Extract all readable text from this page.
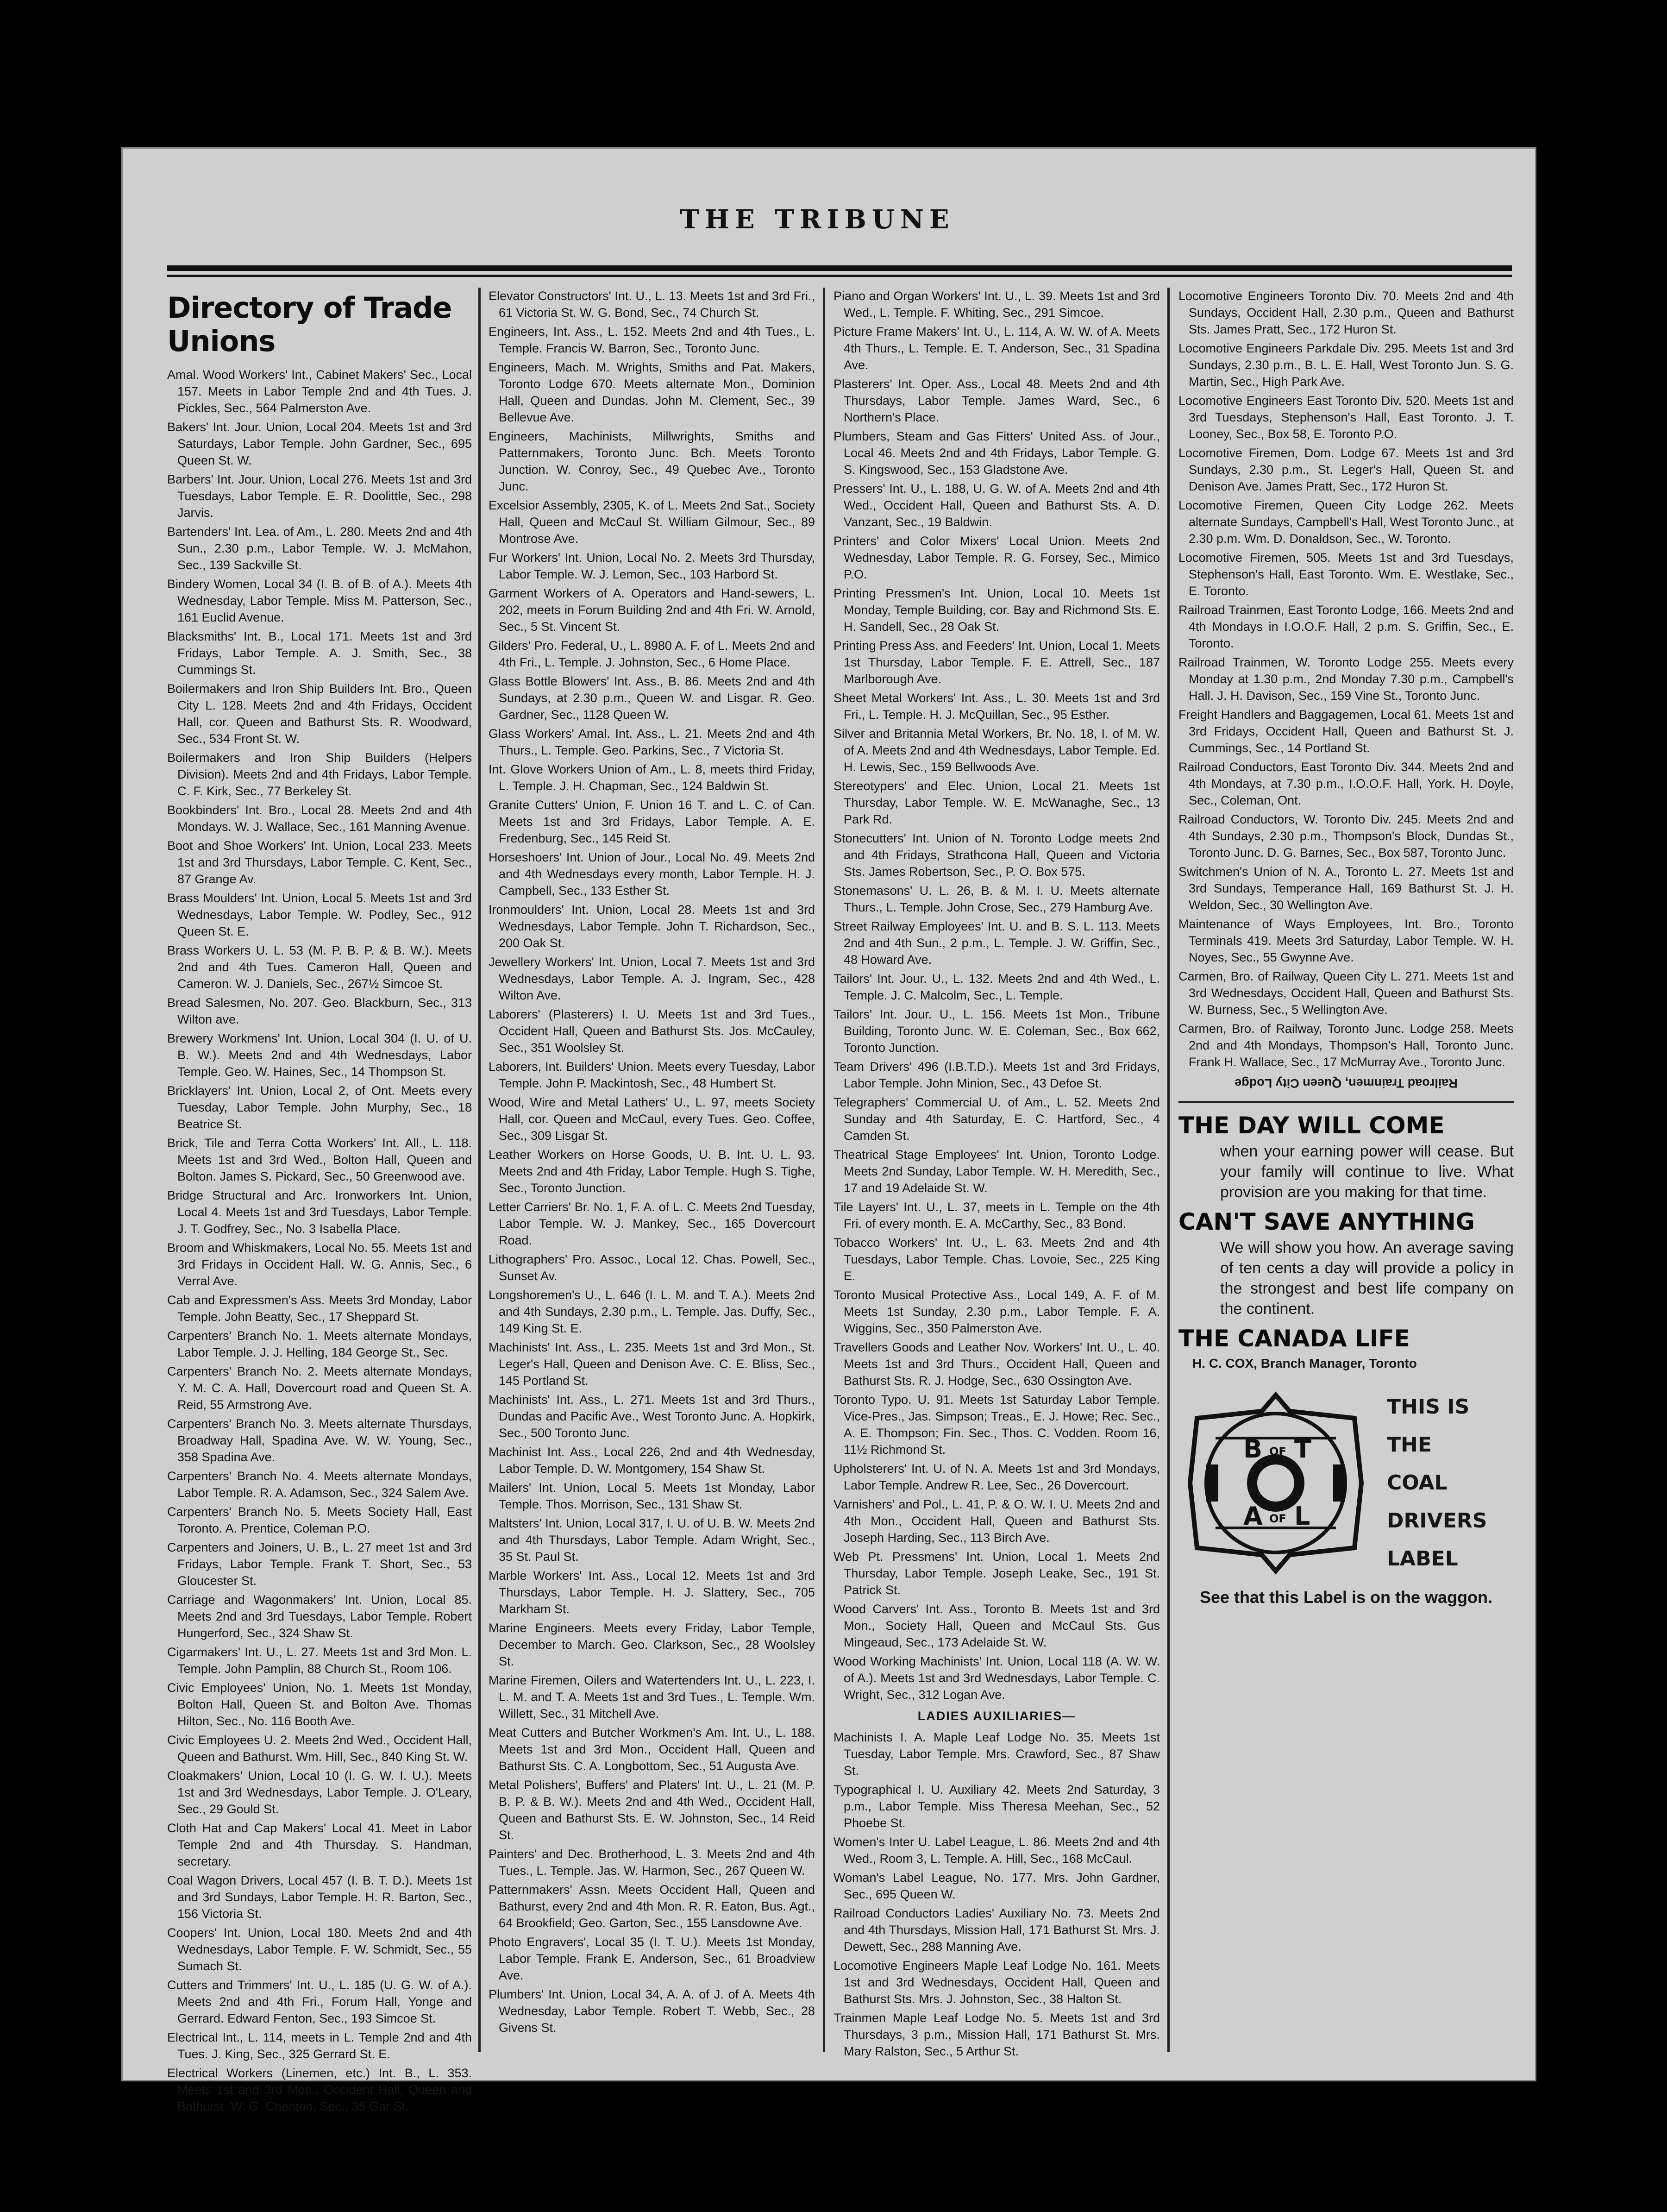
THE TRIBUNE
Directory of Trade Unions

Amal. Wood Workers' Int., Cabinet Makers' Sec., Local 157. Meets in Labor Temple 2nd and 4th Tues. J. Pickles, Sec., 564 Palmerston Ave.

Bakers' Int. Jour. Union, Local 204. Meets 1st and 3rd Saturdays, Labor Temple. John Gardner, Sec., 695 Queen St. W.

Barbers' Int. Jour. Union, Local 276. Meets 1st and 3rd Tuesdays, Labor Temple. E. R. Doolittle, Sec., 298 Jarvis.

Bartenders' Int. Lea. of Am., L. 280. Meets 2nd and 4th Sun., 2.30 p.m., Labor Temple. W. J. McMahon, Sec., 139 Sackville St.

Bindery Women, Local 34 (I. B. of B. of A.). Meets 4th Wednesday, Labor Temple. Miss M. Patterson, Sec., 161 Euclid Avenue.

Blacksmiths' Int. B., Local 171. Meets 1st and 3rd Fridays, Labor Temple. A. J. Smith, Sec., 38 Cummings St.

Boilermakers and Iron Ship Builders Int. Bro., Queen City L. 128. Meets 2nd and 4th Fridays, Occident Hall, cor. Queen and Bathurst Sts. R. Woodward, Sec., 534 Front St. W.

Boilermakers and Iron Ship Builders (Helpers Division). Meets 2nd and 4th Fridays, Labor Temple. C. F. Kirk, Sec., 77 Berkeley St.

Bookbinders' Int. Bro., Local 28. Meets 2nd and 4th Mondays. W. J. Wallace, Sec., 161 Manning Avenue.

Boot and Shoe Workers' Int. Union, Local 233. Meets 1st and 3rd Thursdays, Labor Temple. C. Kent, Sec., 87 Grange Av.

Brass Moulders' Int. Union, Local 5. Meets 1st and 3rd Wednesdays, Labor Temple. W. Podley, Sec., 912 Queen St. E.

Brass Workers U. L. 53 (M. P. B. P. & B. W.). Meets 2nd and 4th Tues. Cameron Hall, Queen and Cameron. W. J. Daniels, Sec., 267½ Simcoe St.

Bread Salesmen, No. 207. Geo. Blackburn, Sec., 313 Wilton ave.

Brewery Workmens' Int. Union, Local 304 (I. U. of U. B. W.). Meets 2nd and 4th Wednesdays, Labor Temple. Geo. W. Haines, Sec., 14 Thompson St.

Bricklayers' Int. Union, Local 2, of Ont. Meets every Tuesday, Labor Temple. John Murphy, Sec., 18 Beatrice St.

Brick, Tile and Terra Cotta Workers' Int. All., L. 118. Meets 1st and 3rd Wed., Bolton Hall, Queen and Bolton. James S. Pickard, Sec., 50 Greenwood ave.

Bridge Structural and Arc. Ironworkers Int. Union, Local 4. Meets 1st and 3rd Tuesdays, Labor Temple. J. T. Godfrey, Sec., No. 3 Isabella Place.

Broom and Whiskmakers, Local No. 55. Meets 1st and 3rd Fridays in Occident Hall. W. G. Annis, Sec., 6 Verral Ave.

Cab and Expressmen's Ass. Meets 3rd Monday, Labor Temple. John Beatty, Sec., 17 Sheppard St.

Carpenters' Branch No. 1. Meets alternate Mondays, Labor Temple. J. J. Helling, 184 George St., Sec.

Carpenters' Branch No. 2. Meets alternate Mondays, Y. M. C. A. Hall, Dovercourt road and Queen St. A. Reid, 55 Armstrong Ave.

Carpenters' Branch No. 3. Meets alternate Thursdays, Broadway Hall, Spadina Ave. W. W. Young, Sec., 358 Spadina Ave.

Carpenters' Branch No. 4. Meets alternate Mondays, Labor Temple. R. A. Adamson, Sec., 324 Salem Ave.

Carpenters' Branch No. 5. Meets Society Hall, East Toronto. A. Prentice, Coleman P.O.

Carpenters and Joiners, U. B., L. 27 meet 1st and 3rd Fridays, Labor Temple. Frank T. Short, Sec., 53 Gloucester St.

Carriage and Wagonmakers' Int. Union, Local 85. Meets 2nd and 3rd Tuesdays, Labor Temple. Robert Hungerford, Sec., 324 Shaw St.

Cigarmakers' Int. U., L. 27. Meets 1st and 3rd Mon. L. Temple. John Pamplin, 88 Church St., Room 106.

Civic Employees' Union, No. 1. Meets 1st Monday, Bolton Hall, Queen St. and Bolton Ave. Thomas Hilton, Sec., No. 116 Booth Ave.

Civic Employees U. 2. Meets 2nd Wed., Occident Hall, Queen and Bathurst. Wm. Hill, Sec., 840 King St. W.

Cloakmakers' Union, Local 10 (I. G. W. I. U.). Meets 1st and 3rd Wednesdays, Labor Temple. J. O'Leary, Sec., 29 Gould St.

Cloth Hat and Cap Makers' Local 41. Meet in Labor Temple 2nd and 4th Thursday. S. Handman, secretary.

Coal Wagon Drivers, Local 457 (I. B. T. D.). Meets 1st and 3rd Sundays, Labor Temple. H. R. Barton, Sec., 156 Victoria St.

Coopers' Int. Union, Local 180. Meets 2nd and 4th Wednesdays, Labor Temple. F. W. Schmidt, Sec., 55 Sumach St.

Cutters and Trimmers' Int. U., L. 185 (U. G. W. of A.). Meets 2nd and 4th Fri., Forum Hall, Yonge and Gerrard. Edward Fenton, Sec., 193 Simcoe St.

Electrical Int., L. 114, meets in L. Temple 2nd and 4th Tues. J. King, Sec., 325 Gerrard St. E.

Electrical Workers (Linemen, etc.) Int. B., L. 353. Meets 1st and 3rd Mon., Occident Hall, Queen and Bathurst. W. G. Cheriton, Sec., 35 Gar St.

Elevator Constructors' Int. U., L. 13. Meets 1st and 3rd Fri., 61 Victoria St. W. G. Bond, Sec., 74 Church St.

Engineers, Int. Ass., L. 152. Meets 2nd and 4th Tues., L. Temple. Francis W. Barron, Sec., Toronto Junc.

Engineers, Mach. M. Wrights, Smiths and Pat. Makers, Toronto Lodge 670. Meets alternate Mon., Dominion Hall, Queen and Dundas. John M. Clement, Sec., 39 Bellevue Ave.

Engineers, Machinists, Millwrights, Smiths and Patternmakers, Toronto Junc. Bch. Meets Toronto Junction. W. Conroy, Sec., 49 Quebec Ave., Toronto Junc.

Excelsior Assembly, 2305, K. of L. Meets 2nd Sat., Society Hall, Queen and McCaul St. William Gilmour, Sec., 89 Montrose Ave.

Fur Workers' Int. Union, Local No. 2. Meets 3rd Thursday, Labor Temple. W. J. Lemon, Sec., 103 Harbord St.

Garment Workers of A. Operators and Hand-sewers, L. 202, meets in Forum Building 2nd and 4th Fri. W. Arnold, Sec., 5 St. Vincent St.

Gilders' Pro. Federal, U., L. 8980 A. F. of L. Meets 2nd and 4th Fri., L. Temple. J. Johnston, Sec., 6 Home Place.

Glass Bottle Blowers' Int. Ass., B. 86. Meets 2nd and 4th Sundays, at 2.30 p.m., Queen W. and Lisgar. R. Geo. Gardner, Sec., 1128 Queen W.

Glass Workers' Amal. Int. Ass., L. 21. Meets 2nd and 4th Thurs., L. Temple. Geo. Parkins, Sec., 7 Victoria St.

Int. Glove Workers Union of Am., L. 8, meets third Friday, L. Temple. J. H. Chapman, Sec., 124 Baldwin St.

Granite Cutters' Union, F. Union 16 T. and L. C. of Can. Meets 1st and 3rd Fridays, Labor Temple. A. E. Fredenburg, Sec., 145 Reid St.

Horseshoers' Int. Union of Jour., Local No. 49. Meets 2nd and 4th Wednesdays every month, Labor Temple. H. J. Campbell, Sec., 133 Esther St.

Ironmoulders' Int. Union, Local 28. Meets 1st and 3rd Wednesdays, Labor Temple. John T. Richardson, Sec., 200 Oak St.

Jewellery Workers' Int. Union, Local 7. Meets 1st and 3rd Wednesdays, Labor Temple. A. J. Ingram, Sec., 428 Wilton Ave.

Laborers' (Plasterers) I. U. Meets 1st and 3rd Tues., Occident Hall, Queen and Bathurst Sts. Jos. McCauley, Sec., 351 Woolsley St.

Laborers, Int. Builders' Union. Meets every Tuesday, Labor Temple. John P. Mackintosh, Sec., 48 Humbert St.

Wood, Wire and Metal Lathers' U., L. 97, meets Society Hall, cor. Queen and McCaul, every Tues. Geo. Coffee, Sec., 309 Lisgar St.

Leather Workers on Horse Goods, U. B. Int. U. L. 93. Meets 2nd and 4th Friday, Labor Temple. Hugh S. Tighe, Sec., Toronto Junction.

Letter Carriers' Br. No. 1, F. A. of L. C. Meets 2nd Tuesday, Labor Temple. W. J. Mankey, Sec., 165 Dovercourt Road.

Lithographers' Pro. Assoc., Local 12. Chas. Powell, Sec., Sunset Av.

Longshoremen's U., L. 646 (I. L. M. and T. A.). Meets 2nd and 4th Sundays, 2.30 p.m., L. Temple. Jas. Duffy, Sec., 149 King St. E.

Machinists' Int. Ass., L. 235. Meets 1st and 3rd Mon., St. Leger's Hall, Queen and Denison Ave. C. E. Bliss, Sec., 145 Portland St.

Machinists' Int. Ass., L. 271. Meets 1st and 3rd Thurs., Dundas and Pacific Ave., West Toronto Junc. A. Hopkirk, Sec., 500 Toronto Junc.

Machinist Int. Ass., Local 226, 2nd and 4th Wednesday, Labor Temple. D. W. Montgomery, 154 Shaw St.

Mailers' Int. Union, Local 5. Meets 1st Monday, Labor Temple. Thos. Morrison, Sec., 131 Shaw St.

Maltsters' Int. Union, Local 317, I. U. of U. B. W. Meets 2nd and 4th Thursdays, Labor Temple. Adam Wright, Sec., 35 St. Paul St.

Marble Workers' Int. Ass., Local 12. Meets 1st and 3rd Thursdays, Labor Temple. H. J. Slattery, Sec., 705 Markham St.

Marine Engineers. Meets every Friday, Labor Temple, December to March. Geo. Clarkson, Sec., 28 Woolsley St.

Marine Firemen, Oilers and Watertenders Int. U., L. 223, I. L. M. and T. A. Meets 1st and 3rd Tues., L. Temple. Wm. Willett, Sec., 31 Mitchell Ave.

Meat Cutters and Butcher Workmen's Am. Int. U., L. 188. Meets 1st and 3rd Mon., Occident Hall, Queen and Bathurst Sts. C. A. Longbottom, Sec., 51 Augusta Ave.

Metal Polishers', Buffers' and Platers' Int. U., L. 21 (M. P. B. P. & B. W.). Meets 2nd and 4th Wed., Occident Hall, Queen and Bathurst Sts. E. W. Johnston, Sec., 14 Reid St.

Painters' and Dec. Brotherhood, L. 3. Meets 2nd and 4th Tues., L. Temple. Jas. W. Harmon, Sec., 267 Queen W.

Patternmakers' Assn. Meets Occident Hall, Queen and Bathurst, every 2nd and 4th Mon. R. R. Eaton, Bus. Agt., 64 Brookfield; Geo. Garton, Sec., 155 Lansdowne Ave.

Photo Engravers', Local 35 (I. T. U.). Meets 1st Monday, Labor Temple. Frank E. Anderson, Sec., 61 Broadview Ave.

Plumbers' Int. Union, Local 34, A. A. of J. of A. Meets 4th Wednesday, Labor Temple. Robert T. Webb, Sec., 28 Givens St.

Piano and Organ Workers' Int. U., L. 39. Meets 1st and 3rd Wed., L. Temple. F. Whiting, Sec., 291 Simcoe.

Picture Frame Makers' Int. U., L. 114, A. W. W. of A. Meets 4th Thurs., L. Temple. E. T. Anderson, Sec., 31 Spadina Ave.

Plasterers' Int. Oper. Ass., Local 48. Meets 2nd and 4th Thursdays, Labor Temple. James Ward, Sec., 6 Northern's Place.

Plumbers, Steam and Gas Fitters' United Ass. of Jour., Local 46. Meets 2nd and 4th Fridays, Labor Temple. G. S. Kingswood, Sec., 153 Gladstone Ave.

Pressers' Int. U., L. 188, U. G. W. of A. Meets 2nd and 4th Wed., Occident Hall, Queen and Bathurst Sts. A. D. Vanzant, Sec., 19 Baldwin.

Printers' and Color Mixers' Local Union. Meets 2nd Wednesday, Labor Temple. R. G. Forsey, Sec., Mimico P.O.

Printing Pressmen's Int. Union, Local 10. Meets 1st Monday, Temple Building, cor. Bay and Richmond Sts. E. H. Sandell, Sec., 28 Oak St.

Printing Press Ass. and Feeders' Int. Union, Local 1. Meets 1st Thursday, Labor Temple. F. E. Attrell, Sec., 187 Marlborough Ave.

Sheet Metal Workers' Int. Ass., L. 30. Meets 1st and 3rd Fri., L. Temple. H. J. McQuillan, Sec., 95 Esther.

Silver and Britannia Metal Workers, Br. No. 18, I. of M. W. of A. Meets 2nd and 4th Wednesdays, Labor Temple. Ed. H. Lewis, Sec., 159 Bellwoods Ave.

Stereotypers' and Elec. Union, Local 21. Meets 1st Thursday, Labor Temple. W. E. McWanaghe, Sec., 13 Park Rd.

Stonecutters' Int. Union of N. Toronto Lodge meets 2nd and 4th Fridays, Strathcona Hall, Queen and Victoria Sts. James Robertson, Sec., P. O. Box 575.

Stonemasons' U. L. 26, B. & M. I. U. Meets alternate Thurs., L. Temple. John Crose, Sec., 279 Hamburg Ave.

Street Railway Employees' Int. U. and B. S. L. 113. Meets 2nd and 4th Sun., 2 p.m., L. Temple. J. W. Griffin, Sec., 48 Howard Ave.

Tailors' Int. Jour. U., L. 132. Meets 2nd and 4th Wed., L. Temple. J. C. Malcolm, Sec., L. Temple.

Tailors' Int. Jour. U., L. 156. Meets 1st Mon., Tribune Building, Toronto Junc. W. E. Coleman, Sec., Box 662, Toronto Junction.

Team Drivers' 496 (I.B.T.D.). Meets 1st and 3rd Fridays, Labor Temple. John Minion, Sec., 43 Defoe St.

Telegraphers' Commercial U. of Am., L. 52. Meets 2nd Sunday and 4th Saturday, E. C. Hartford, Sec., 4 Camden St.

Theatrical Stage Employees' Int. Union, Toronto Lodge. Meets 2nd Sunday, Labor Temple. W. H. Meredith, Sec., 17 and 19 Adelaide St. W.

Tile Layers' Int. U., L. 37, meets in L. Temple on the 4th Fri. of every month. E. A. McCarthy, Sec., 83 Bond.

Tobacco Workers' Int. U., L. 63. Meets 2nd and 4th Tuesdays, Labor Temple. Chas. Lovoie, Sec., 225 King E.

Toronto Musical Protective Ass., Local 149, A. F. of M. Meets 1st Sunday, 2.30 p.m., Labor Temple. F. A. Wiggins, Sec., 350 Palmerston Ave.

Travellers Goods and Leather Nov. Workers' Int. U., L. 40. Meets 1st and 3rd Thurs., Occident Hall, Queen and Bathurst Sts. R. J. Hodge, Sec., 630 Ossington Ave.

Toronto Typo. U. 91. Meets 1st Saturday Labor Temple. Vice-Pres., Jas. Simpson; Treas., E. J. Howe; Rec. Sec., A. E. Thompson; Fin. Sec., Thos. C. Vodden. Room 16, 11½ Richmond St.

Upholsterers' Int. U. of N. A. Meets 1st and 3rd Mondays, Labor Temple. Andrew R. Lee, Sec., 26 Dovercourt.

Varnishers' and Pol., L. 41, P. & O. W. I. U. Meets 2nd and 4th Mon., Occident Hall, Queen and Bathurst Sts. Joseph Harding, Sec., 113 Birch Ave.

Web Pt. Pressmens' Int. Union, Local 1. Meets 2nd Thursday, Labor Temple. Joseph Leake, Sec., 191 St. Patrick St.

Wood Carvers' Int. Ass., Toronto B. Meets 1st and 3rd Mon., Society Hall, Queen and McCaul Sts. Gus Mingeaud, Sec., 173 Adelaide St. W.

Wood Working Machinists' Int. Union, Local 118 (A. W. W. of A.). Meets 1st and 3rd Wednesdays, Labor Temple. C. Wright, Sec., 312 Logan Ave.

LADIES AUXILIARIES—

Machinists I. A. Maple Leaf Lodge No. 35. Meets 1st Tuesday, Labor Temple. Mrs. Crawford, Sec., 87 Shaw St.

Typographical I. U. Auxiliary 42. Meets 2nd Saturday, 3 p.m., Labor Temple. Miss Theresa Meehan, Sec., 52 Phoebe St.

Women's Inter U. Label League, L. 86. Meets 2nd and 4th Wed., Room 3, L. Temple. A. Hill, Sec., 168 McCaul.

Woman's Label League, No. 177. Mrs. John Gardner, Sec., 695 Queen W.

Railroad Conductors Ladies' Auxiliary No. 73. Meets 2nd and 4th Thursdays, Mission Hall, 171 Bathurst St. Mrs. J. Dewett, Sec., 288 Manning Ave.

Locomotive Engineers Maple Leaf Lodge No. 161. Meets 1st and 3rd Wednesdays, Occident Hall, Queen and Bathurst Sts. Mrs. J. Johnston, Sec., 38 Halton St.

Trainmen Maple Leaf Lodge No. 5. Meets 1st and 3rd Thursdays, 3 p.m., Mission Hall, 171 Bathurst St. Mrs. Mary Ralston, Sec., 5 Arthur St.

Locomotive Engineers Toronto Div. 70. Meets 2nd and 4th Sundays, Occident Hall, 2.30 p.m., Queen and Bathurst Sts. James Pratt, Sec., 172 Huron St.

Locomotive Engineers Parkdale Div. 295. Meets 1st and 3rd Sundays, 2.30 p.m., B. L. E. Hall, West Toronto Jun. S. G. Martin, Sec., High Park Ave.

Locomotive Engineers East Toronto Div. 520. Meets 1st and 3rd Tuesdays, Stephenson's Hall, East Toronto. J. T. Looney, Sec., Box 58, E. Toronto P.O.

Locomotive Firemen, Dom. Lodge 67. Meets 1st and 3rd Sundays, 2.30 p.m., St. Leger's Hall, Queen St. and Denison Ave. James Pratt, Sec., 172 Huron St.

Locomotive Firemen, Queen City Lodge 262. Meets alternate Sundays, Campbell's Hall, West Toronto Junc., at 2.30 p.m. Wm. D. Donaldson, Sec., W. Toronto.

Locomotive Firemen, 505. Meets 1st and 3rd Tuesdays, Stephenson's Hall, East Toronto. Wm. E. Westlake, Sec., E. Toronto.

Railroad Trainmen, East Toronto Lodge, 166. Meets 2nd and 4th Mondays in I.O.O.F. Hall, 2 p.m. S. Griffin, Sec., E. Toronto.

Railroad Trainmen, W. Toronto Lodge 255. Meets every Monday at 1.30 p.m., 2nd Monday 7.30 p.m., Campbell's Hall. J. H. Davison, Sec., 159 Vine St., Toronto Junc.

Freight Handlers and Baggagemen, Local 61. Meets 1st and 3rd Fridays, Occident Hall, Queen and Bathurst St. J. Cummings, Sec., 14 Portland St.

Railroad Conductors, East Toronto Div. 344. Meets 2nd and 4th Mondays, at 7.30 p.m., I.O.O.F. Hall, York. H. Doyle, Sec., Coleman, Ont.

Railroad Conductors, W. Toronto Div. 245. Meets 2nd and 4th Sundays, 2.30 p.m., Thompson's Block, Dundas St., Toronto Junc. D. G. Barnes, Sec., Box 587, Toronto Junc.

Switchmen's Union of N. A., Toronto L. 27. Meets 1st and 3rd Sundays, Temperance Hall, 169 Bathurst St. J. H. Weldon, Sec., 30 Wellington Ave.

Maintenance of Ways Employees, Int. Bro., Toronto Terminals 419. Meets 3rd Saturday, Labor Temple. W. H. Noyes, Sec., 55 Gwynne Ave.

Carmen, Bro. of Railway, Queen City L. 271. Meets 1st and 3rd Wednesdays, Occident Hall, Queen and Bathurst Sts. W. Burness, Sec., 5 Wellington Ave.

Carmen, Bro. of Railway, Toronto Junc. Lodge 258. Meets 2nd and 4th Mondays, Thompson's Hall, Toronto Junc. Frank H. Wallace, Sec., 17 McMurray Ave., Toronto Junc.

Railroad Trainmen, Queen City Lodge
THE DAY WILL COME
when your earning power will cease. But your family will continue to live. What provision are you making for that time.
CAN'T SAVE ANYTHING
We will show you how. An average saving of ten cents a day will provide a policy in the strongest and best life company on the continent.
THE CANADA LIFE
H. C. COX, Branch Manager, Toronto
B OF T
A OF L
THIS IS
THE
COAL
DRIVERS
LABEL
See that this Label is on the waggon.
